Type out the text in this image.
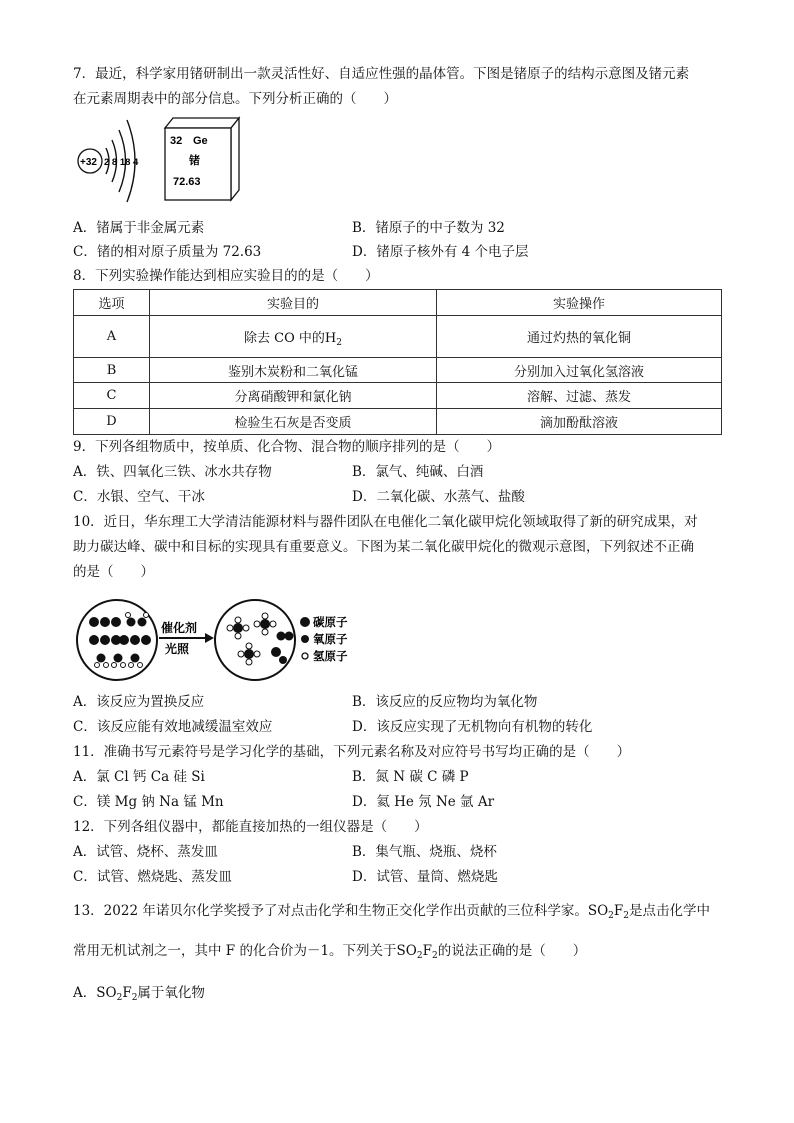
7．最近，科学家用锗研制出一款灵活性好、自适应性强的晶体管。下图是锗原子的结构示意图及锗元素
在元素周期表中的部分信息。下列分析正确的（　　）
+32 2 8 18 4
32 Ge
锗
72.63
A．锗属于非金属元素	B．锗原子的中子数为 32
C．锗的相对原子质量为 72.63	D．锗原子核外有 4 个电子层
8．下列实验操作能达到相应实验目的的是（　　）
选项	实验目的	实验操作
A	除去 CO 中的$H_2$	通过灼热的氧化铜
B	鉴别木炭粉和二氧化锰	分别加入过氧化氢溶液
C	分离硝酸钾和氯化钠	溶解、过滤、蒸发
D	检验生石灰是否变质	滴加酚酞溶液
9．下列各组物质中，按单质、化合物、混合物的顺序排列的是（　　）
A．铁、四氧化三铁、冰水共存物	B．氯气、纯碱、白酒
C．水银、空气、干冰	D．二氧化碳、水蒸气、盐酸
10．近日，华东理工大学清洁能源材料与器件团队在电催化二氧化碳甲烷化领域取得了新的研究成果，对
助力碳达峰、碳中和目标的实现具有重要意义。下图为某二氧化碳甲烷化的微观示意图，下列叙述不正确
的是（　　）
催化剂
光照
碳原子
氧原子
氢原子
A．该反应为置换反应	B．该反应的反应物均为氧化物
C．该反应能有效地减缓温室效应	D．该反应实现了无机物向有机物的转化
11．准确书写元素符号是学习化学的基础，下列元素名称及对应符号书写均正确的是（　　）
A．氯 Cl 钙 Ca 硅 Si	B．氮 N 碳 C 磷 P
C．镁 Mg 钠 Na 锰 Mn	D．氦 He 氖 Ne 氩 Ar
12．下列各组仪器中，都能直接加热的一组仪器是（　　）
A．试管、烧杯、蒸发皿	B．集气瓶、烧瓶、烧杯
C．试管、燃烧匙、蒸发皿	D．试管、量筒、燃烧匙
13．2022 年诺贝尔化学奖授予了对点击化学和生物正交化学作出贡献的三位科学家。$SO_2F_2$是点击化学中
常用无机试剂之一，其中 F 的化合价为－1。下列关于$SO_2F_2$的说法正确的是（　　）
A．$SO_2F_2$属于氧化物
